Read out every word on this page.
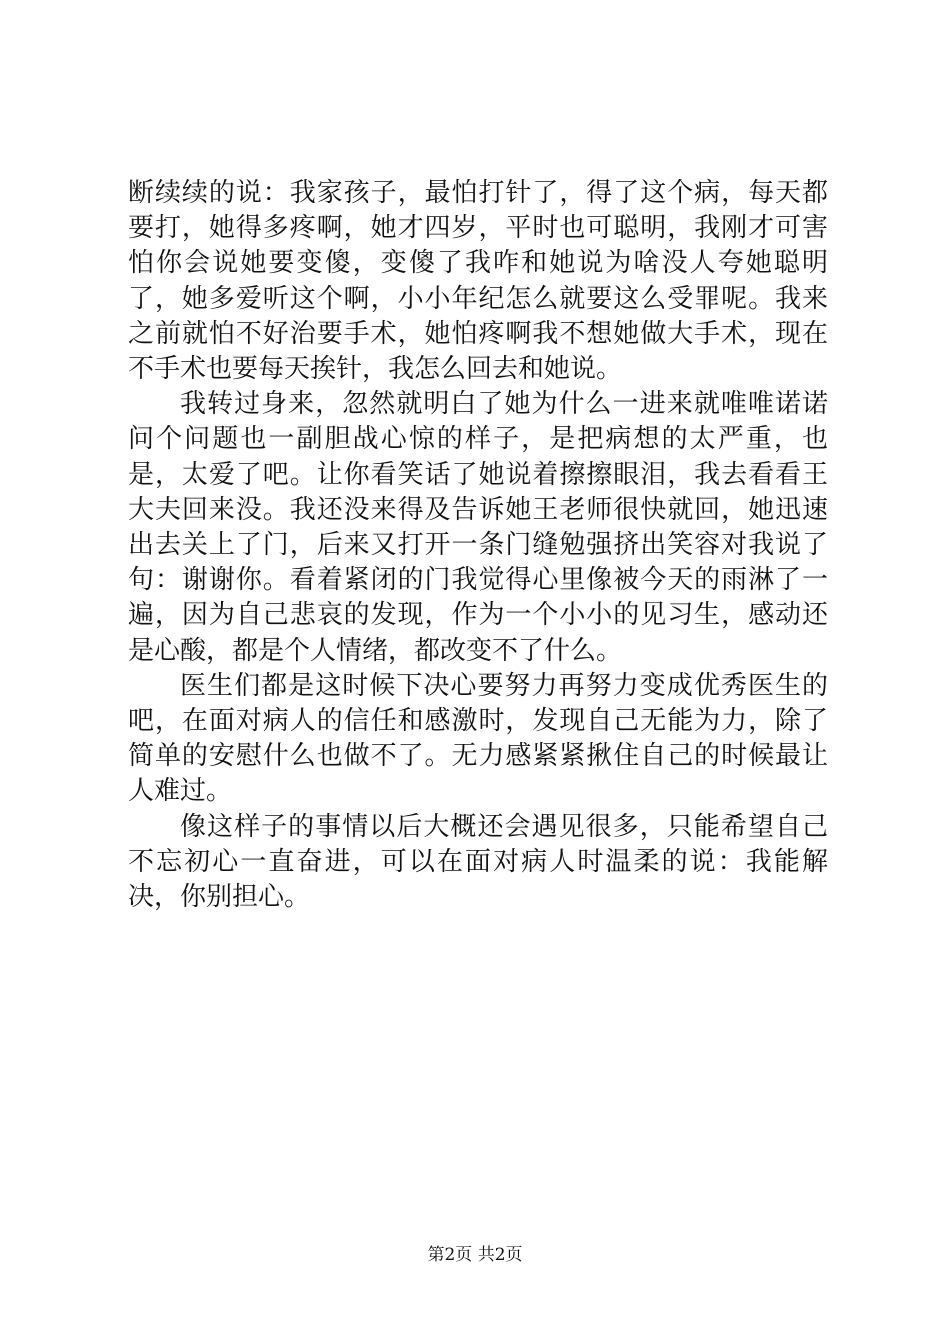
断续续的说：我家孩子，最怕打针了，得了这个病，每天都要打，她得多疼啊，她才四岁，平时也可聪明，我刚才可害怕你会说她要变傻，变傻了我咋和她说为啥没人夸她聪明了，她多爱听这个啊，小小年纪怎么就要这么受罪呢。我来之前就怕不好治要手术，她怕疼啊我不想她做大手术，现在不手术也要每天挨针，我怎么回去和她说。

我转过身来，忽然就明白了她为什么一进来就唯唯诺诺问个问题也一副胆战心惊的样子，是把病想的太严重，也是，太爱了吧。让你看笑话了她说着擦擦眼泪，我去看看王大夫回来没。我还没来得及告诉她王老师很快就回，她迅速出去关上了门，后来又打开一条门缝勉强挤出笑容对我说了句：谢谢你。看着紧闭的门我觉得心里像被今天的雨淋了一遍，因为自己悲哀的发现，作为一个小小的见习生，感动还是心酸，都是个人情绪，都改变不了什么。

医生们都是这时候下决心要努力再努力变成优秀医生的吧，在面对病人的信任和感激时，发现自己无能为力，除了简单的安慰什么也做不了。无力感紧紧揪住自己的时候最让人难过。

像这样子的事情以后大概还会遇见很多，只能希望自己不忘初心一直奋进，可以在面对病人时温柔的说：我能解决，你别担心。

第2页 共2页
